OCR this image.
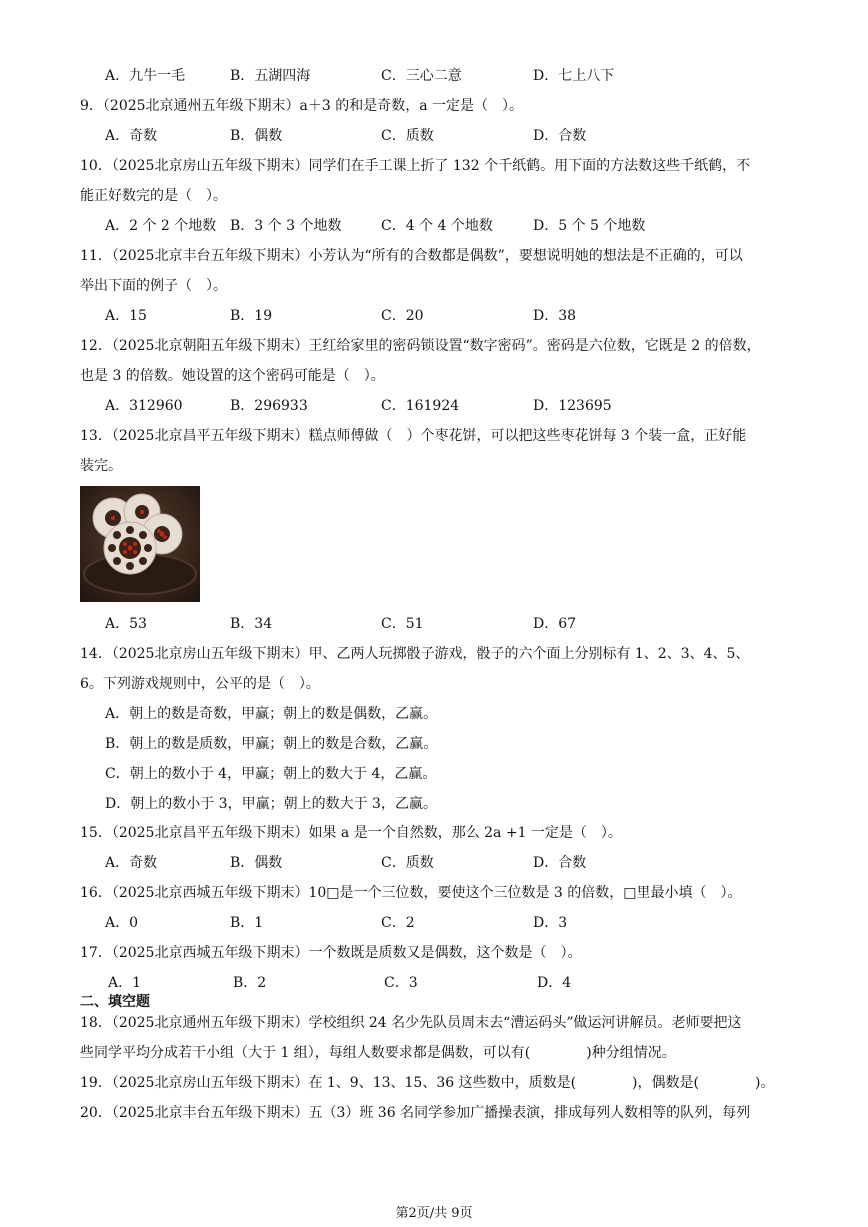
A．九牛一毛	B．五湖四海	C．三心二意	D．七上八下
9．（2025北京通州五年级下期末）a＋3 的和是奇数，a 一定是（　）。
A．奇数	B．偶数	C．质数	D．合数
10．（2025北京房山五年级下期末）同学们在手工课上折了 132 个千纸鹤。用下面的方法数这些千纸鹤，不
能正好数完的是（　）。
A．2 个 2 个地数 B．3 个 3 个地数	C．4 个 4 个地数	D．5 个 5 个地数
11．（2025北京丰台五年级下期末）小芳认为“所有的合数都是偶数”，要想说明她的想法是不正确的，可以
举出下面的例子（　）。
A．15	B．19	C．20	D．38
12．（2025北京朝阳五年级下期末）王红给家里的密码锁设置“数字密码”。密码是六位数，它既是 2 的倍数，
也是 3 的倍数。她设置的这个密码可能是（　）。
A．312960	B．296933	C．161924	D．123695
13．（2025北京昌平五年级下期末）糕点师傅做（　）个枣花饼，可以把这些枣花饼每 3 个装一盒，正好能
装完。
A．53	B．34	C．51	D．67
14．（2025北京房山五年级下期末）甲、乙两人玩掷骰子游戏，骰子的六个面上分别标有 1、2、3、4、5、
6。下列游戏规则中，公平的是（　）。
A．朝上的数是奇数，甲赢；朝上的数是偶数，乙赢。
B．朝上的数是质数，甲赢；朝上的数是合数，乙赢。
C．朝上的数小于 4，甲赢；朝上的数大于 4，乙赢。
D．朝上的数小于 3，甲赢；朝上的数大于 3，乙赢。
15．（2025北京昌平五年级下期末）如果 a 是一个自然数，那么 2a +1 一定是（　）。
A．奇数	B．偶数	C．质数	D．合数
16．（2025北京西城五年级下期末）10□是一个三位数，要使这个三位数是 3 的倍数，□里最小填（　）。
A．0	B．1	C．2	D．3
17．（2025北京西城五年级下期末）一个数既是质数又是偶数，这个数是（　）。
A．1	B．2	C．3	D．4
二、填空题
18．（2025北京通州五年级下期末）学校组织 24 名少先队员周末去“漕运码头”做运河讲解员。老师要把这
些同学平均分成若干小组（大于 1 组），每组人数要求都是偶数，可以有(　　　　)种分组情况。
19．（2025北京房山五年级下期末）在 1、9、13、15、36 这些数中，质数是(　　　　)，偶数是(　　　　)。
20．（2025北京丰台五年级下期末）五（3）班 36 名同学参加广播操表演，排成每列人数相等的队列，每列
第2页/共 9页
